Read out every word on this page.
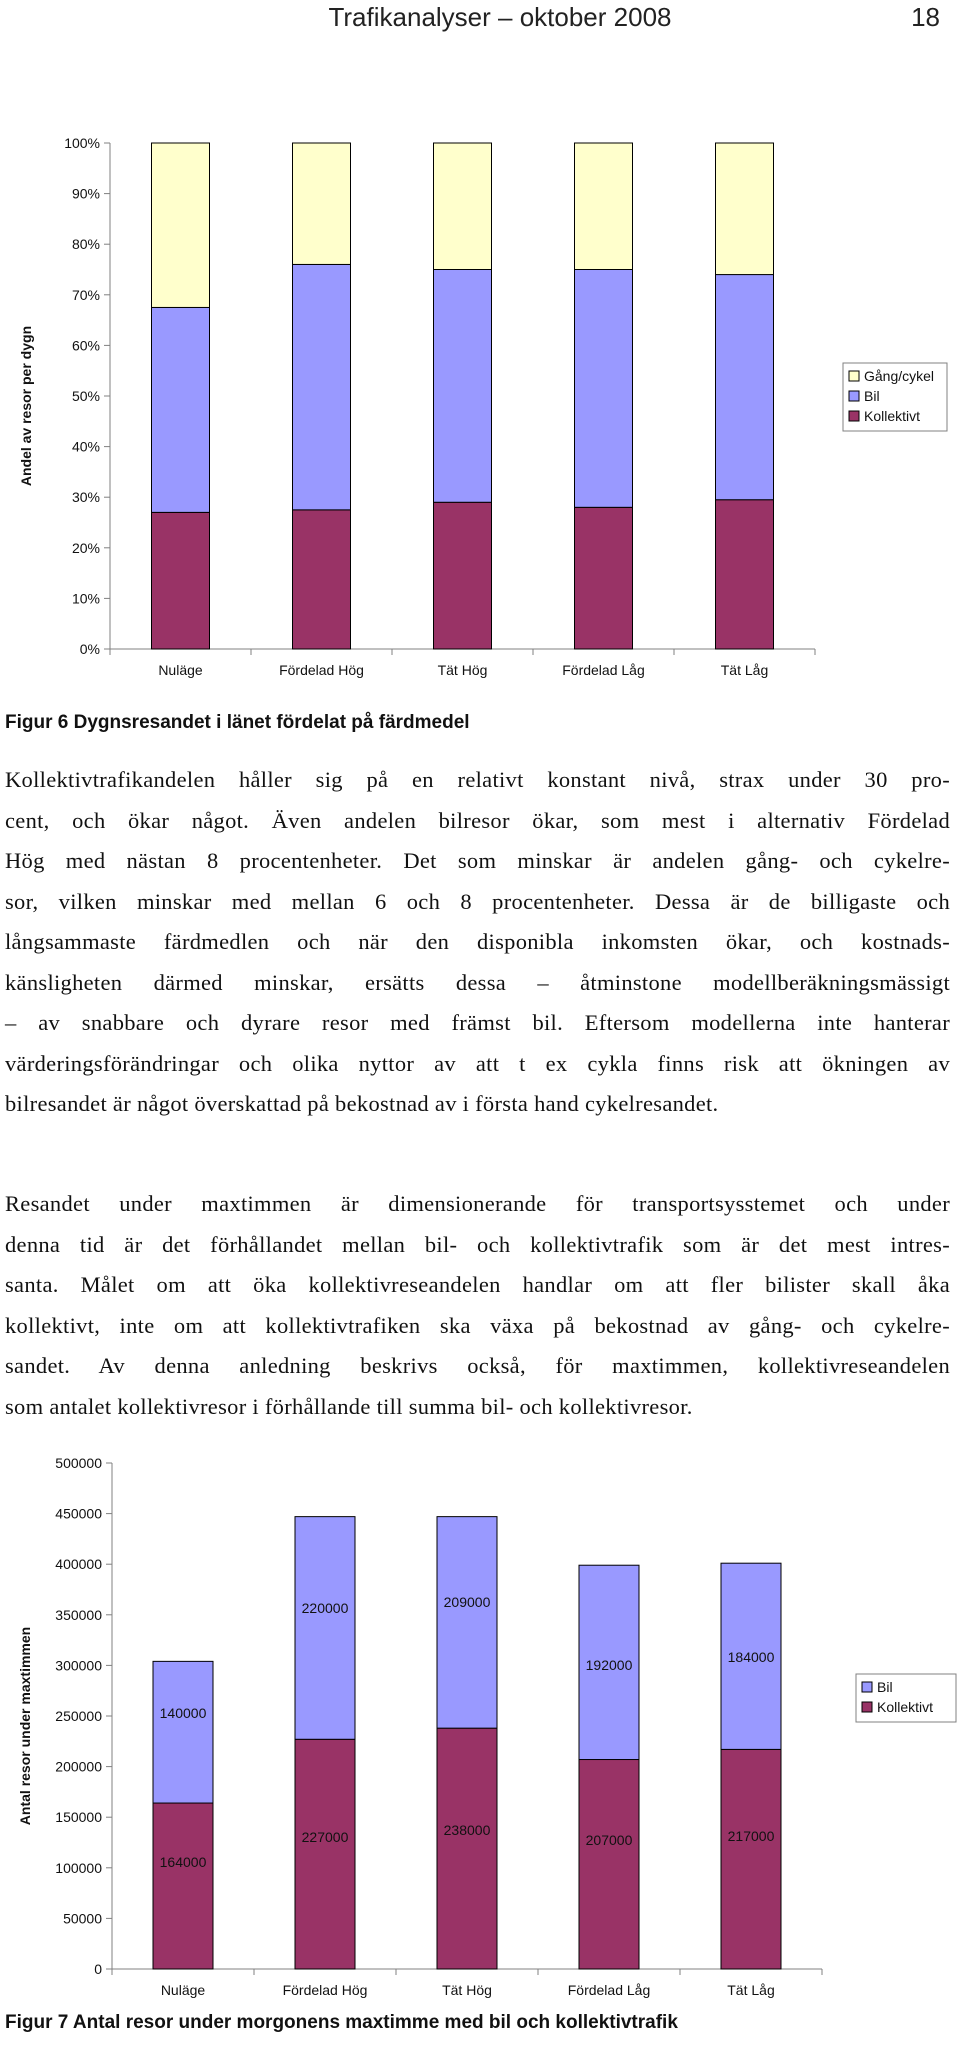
Trafikanalyser – oktober 2008	18
0%
10%
20%
30%
40%
50%
60%
70%
80%
90%
100%
Nuläge	Fördelad Hög	Tät Hög	Fördelad Låg	Tät Låg
Andel av resor per dygn	Gång/cykel
Bil
Kollektivt
Figur 6 Dygnsresandet i länet fördelat på färdmedel
Kollektivtrafikandelen håller sig på en relativt konstant nivå, strax under 30 pro-
cent, och ökar något. Även andelen bilresor ökar, som mest i alternativ Fördelad
Hög med nästan 8 procentenheter. Det som minskar är andelen gång- och cykelre-
sor, vilken minskar med mellan 6 och 8 procentenheter. Dessa är de billigaste och
långsammaste färdmedlen och när den disponibla inkomsten ökar, och kostnads-
känsligheten därmed minskar, ersätts dessa – åtminstone modellberäkningsmässigt
– av snabbare och dyrare resor med främst bil. Eftersom modellerna inte hanterar
värderingsförändringar och olika nyttor av att t ex cykla finns risk att ökningen av
bilresandet är något överskattad på bekostnad av i första hand cykelresandet.
Resandet under maxtimmen är dimensionerande för transportsysstemet och under
denna tid är det förhållandet mellan bil- och kollektivtrafik som är det mest intres-
santa. Målet om att öka kollektivreseandelen handlar om att fler bilister skall åka
kollektivt, inte om att kollektivtrafiken ska växa på bekostnad av gång- och cykelre-
sandet. Av denna anledning beskrivs också, för maxtimmen, kollektivreseandelen
som antalet kollektivresor i förhållande till summa bil- och kollektivresor.
0
50000
100000
150000
200000
250000
300000
350000
400000
450000
500000
164000
140000
Nuläge
227000
220000
Fördelad Hög
238000
209000
Tät Hög
207000
192000
Fördelad Låg
217000
184000
Tät Låg
Antal resor under maxtimmen	Bil
Kollektivt
Figur 7 Antal resor under morgonens maxtimme med bil och kollektivtrafik
